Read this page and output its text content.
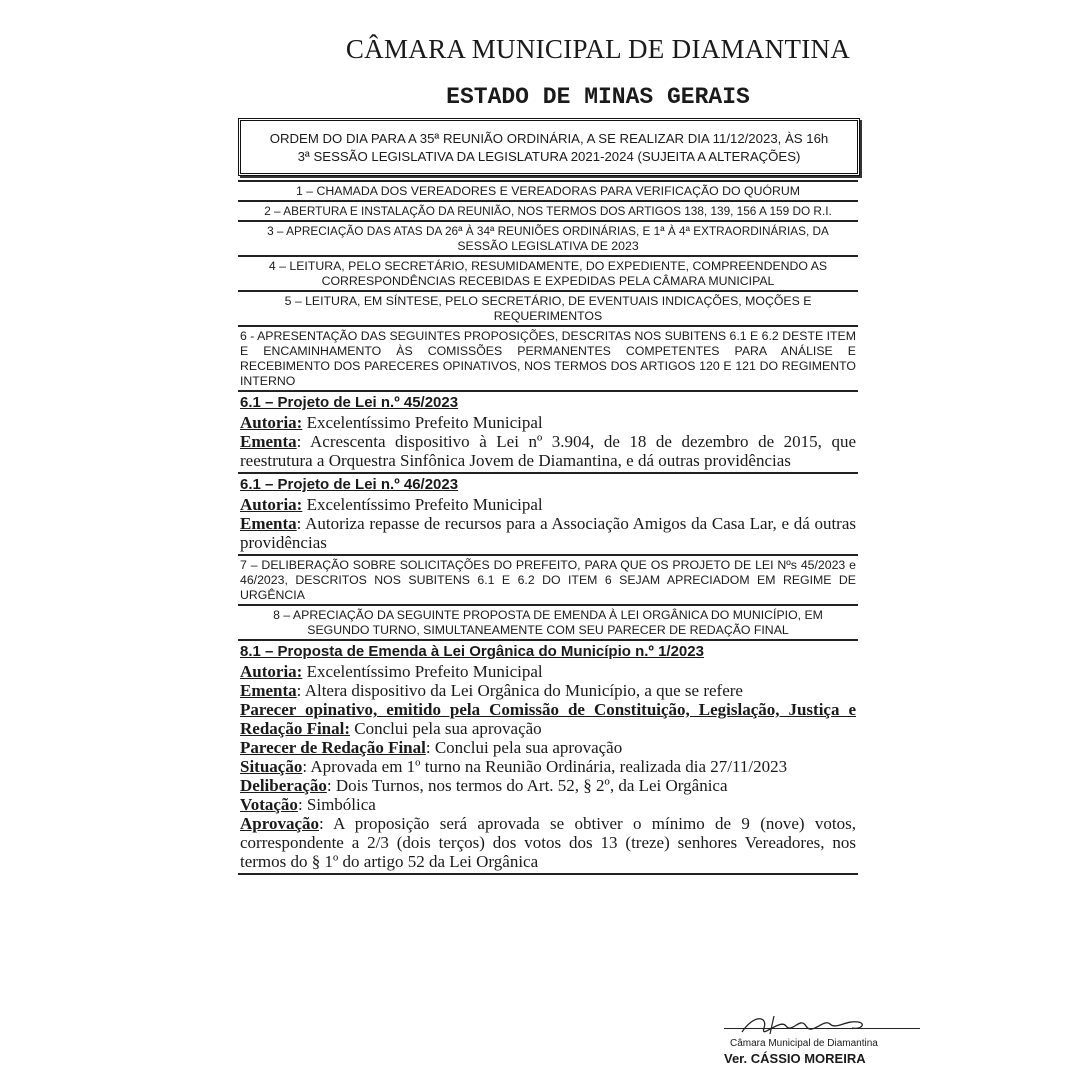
CÂMARA MUNICIPAL DE DIAMANTINA
ESTADO DE MINAS GERAIS
ORDEM DO DIA PARA A 35ª REUNIÃO ORDINÁRIA, A SE REALIZAR DIA 11/12/2023, ÀS 16h
3ª SESSÃO LEGISLATIVA DA LEGISLATURA 2021-2024 (SUJEITA A ALTERAÇÕES)
1 – CHAMADA DOS VEREADORES E VEREADORAS PARA VERIFICAÇÃO DO QUÓRUM
2 – ABERTURA E INSTALAÇÃO DA REUNIÃO, NOS TERMOS DOS ARTIGOS 138, 139, 156 A 159 DO R.I.
3 – APRECIAÇÃO DAS ATAS DA 26ª À 34ª REUNIÕES ORDINÁRIAS, E 1ª À 4ª EXTRAORDINÁRIAS, DA
SESSÃO LEGISLATIVA DE 2023
4 – LEITURA, PELO SECRETÁRIO, RESUMIDAMENTE, DO EXPEDIENTE, COMPREENDENDO AS
CORRESPONDÊNCIAS RECEBIDAS E EXPEDIDAS PELA CÂMARA MUNICIPAL
5 – LEITURA, EM SÍNTESE, PELO SECRETÁRIO, DE EVENTUAIS INDICAÇÕES, MOÇÕES E
REQUERIMENTOS
6 - APRESENTAÇÃO DAS SEGUINTES PROPOSIÇÕES, DESCRITAS NOS SUBITENS 6.1 E 6.2 DESTE ITEM E ENCAMINHAMENTO ÀS COMISSÕES PERMANENTES COMPETENTES PARA ANÁLISE E RECEBIMENTO DOS PARECERES OPINATIVOS, NOS TERMOS DOS ARTIGOS 120 E 121 DO REGIMENTO INTERNO
6.1 – Projeto de Lei n.º 45/2023

Autoria: Excelentíssimo Prefeito Municipal

Ementa: Acrescenta dispositivo à Lei nº 3.904, de 18 de dezembro de 2015, que reestrutura a Orquestra Sinfônica Jovem de Diamantina, e dá outras providências

6.1 – Projeto de Lei n.º 46/2023

Autoria: Excelentíssimo Prefeito Municipal

Ementa: Autoriza repasse de recursos para a Associação Amigos da Casa Lar, e dá outras providências

7 – DELIBERAÇÃO SOBRE SOLICITAÇÕES DO PREFEITO, PARA QUE OS PROJETO DE LEI Nºs 45/2023 e 46/2023, DESCRITOS NOS SUBITENS 6.1 E 6.2 DO ITEM 6 SEJAM APRECIADOM EM REGIME DE URGÊNCIA
8 – APRECIAÇÃO DA SEGUINTE PROPOSTA DE EMENDA À LEI ORGÂNICA DO MUNICÍPIO, EM
SEGUNDO TURNO, SIMULTANEAMENTE COM SEU PARECER DE REDAÇÃO FINAL
8.1 – Proposta de Emenda à Lei Orgânica do Município n.º 1/2023

Autoria: Excelentíssimo Prefeito Municipal

Ementa: Altera dispositivo da Lei Orgânica do Município, a que se refere

Parecer opinativo, emitido pela Comissão de Constituição, Legislação, Justiça e Redação Final: Conclui pela sua aprovação

Parecer de Redação Final: Conclui pela sua aprovação

Situação: Aprovada em 1º turno na Reunião Ordinária, realizada dia 27/11/2023

Deliberação: Dois Turnos, nos termos do Art. 52, § 2º, da Lei Orgânica

Votação: Simbólica

Aprovação: A proposição será aprovada se obtiver o mínimo de 9 (nove) votos, correspondente a 2/3 (dois terços) dos votos dos 13 (treze) senhores Vereadores, nos termos do § 1º do artigo 52 da Lei Orgânica

Câmara Municipal de Diamantina
Ver. CÁSSIO MOREIRA
